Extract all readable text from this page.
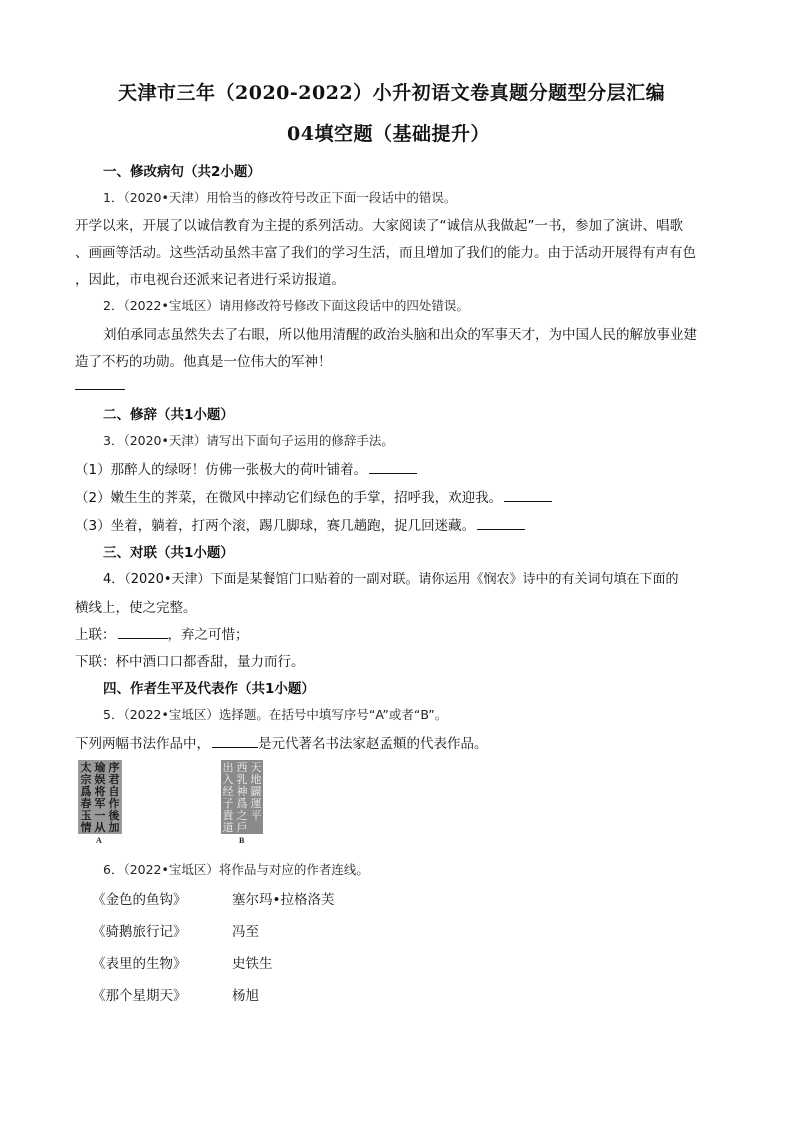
天津市三年（2020-2022）小升初语文卷真题分题型分层汇编
04填空题（基础提升）
一、修改病句（共2小题）
1．（2020•天津）用恰当的修改符号改正下面一段话中的错误。
开学以来，开展了以诚信教育为主提的系列活动。大家阅读了“诚信从我做起”一书，参加了演讲、唱歌
、画画等活动。这些活动虽然丰富了我们的学习生活，而且增加了我们的能力。由于活动开展得有声有色
，因此，市电视台还派来记者进行采访报道。
2．（2022•宝坻区）请用修改符号修改下面这段话中的四处错误。
刘伯承同志虽然失去了右眼，所以他用清醒的政治头脑和出众的军事天才，为中国人民的解放事业建
造了不朽的功勋。他真是一位伟大的军神！
二、修辞（共1小题）
3．（2020•天津）请写出下面句子运用的修辞手法。
（1）那醉人的绿呀！仿佛一张极大的荷叶铺着。
（2）嫩生生的荠菜，在微风中摔动它们绿色的手掌，招呼我，欢迎我。
（3）坐着，躺着，打两个滚，踢几脚球，赛几趟跑，捉几回迷藏。
三、对联（共1小题）
4．（2020•天津）下面是某餐馆门口贴着的一副对联。请你运用《悯农》诗中的有关词句填在下面的
横线上，使之完整。
上联：	，弃之可惜；
下联：杯中酒口口都香甜，量力而行。
四、作者生平及代表作（共1小题）
5．（2022•宝坻区）选择题。在括号中填写序号“A”或者“B”。
下列两幅书法作品中，	是元代著名书法家赵孟頫的代表作品。
序君自作後加
瑜娱将军一从
太宗爲春玉情
A
天地闢運平
西乳神爲之戶
出入经子貴道
B
6．（2022•宝坻区）将作品与对应的作者连线。
《金色的鱼钩》	塞尔玛•拉格洛芙
《骑鹅旅行记》	冯至
《表里的生物》	史铁生
《那个星期天》	杨旭
